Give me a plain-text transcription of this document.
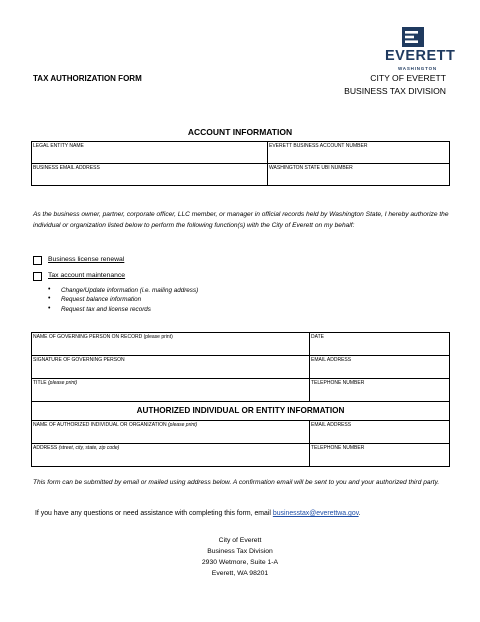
EVERETT
WASHINGTON
TAX AUTHORIZATION FORM	CITY OF EVERETT
BUSINESS TAX DIVISION
ACCOUNT INFORMATION
LEGAL ENTITY NAME	EVERETT BUSINESS ACCOUNT NUMBER
BUSINESS EMAIL ADDRESS	WASHINGTON STATE UBI NUMBER
As the business owner, partner, corporate officer, LLC member, or manager in official records held by Washington State, I hereby authorize the individual or organization listed below to perform the following function(s) with the City of Everett on my behalf:
Business license renewal
Tax account maintenance
• Change/Update information (i.e. mailing address)
• Request balance information
• Request tax and license records
NAME OF GOVERNING PERSON ON RECORD (please print)	DATE
SIGNATURE OF GOVERNING PERSON	EMAIL ADDRESS
TITLE (please print)	TELEPHONE NUMBER
AUTHORIZED INDIVIDUAL OR ENTITY INFORMATION	
NAME OF AUTHORIZED INDIVIDUAL OR ORGANIZATION (please print)	EMAIL ADDRESS
ADDRESS (street, city, state, zip code)	TELEPHONE NUMBER
This form can be submitted by email or mailed using address below. A confirmation email will be sent to you and your authorized third party.
If you have any questions or need assistance with completing this form, email businesstax@everettwa.gov.
City of Everett
Business Tax Division
2930 Wetmore, Suite 1-A
Everett, WA 98201
